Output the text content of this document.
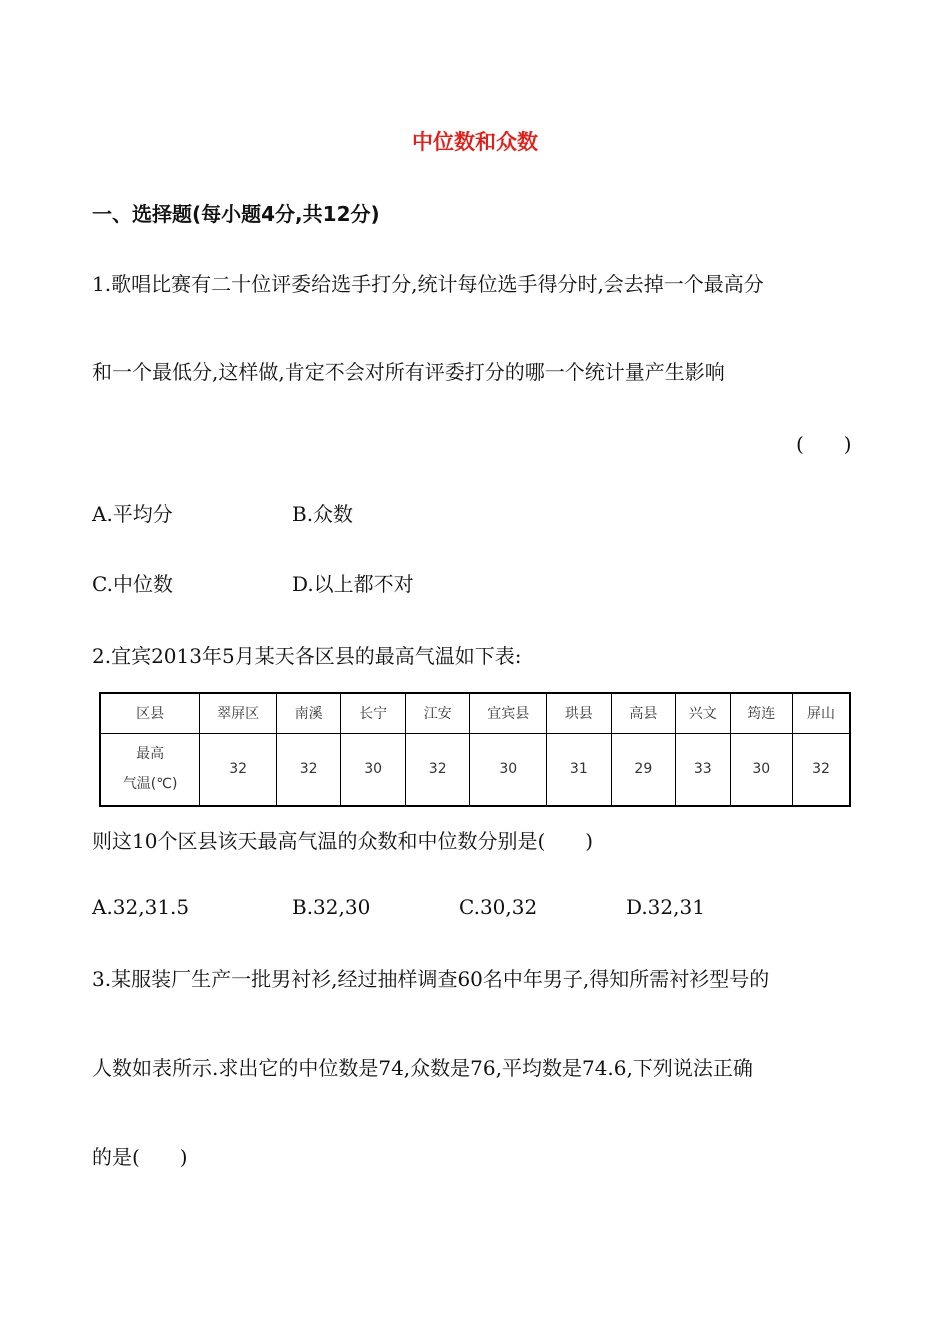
中位数和众数
一、选择题(每小题4分,共12分)
1.歌唱比赛有二十位评委给选手打分,统计每位选手得分时,会去掉一个最高分
和一个最低分,这样做,肯定不会对所有评委打分的哪一个统计量产生影响
(　　)
A.平均分	B.众数
C.中位数	D.以上都不对
2.宜宾2013年5月某天各区县的最高气温如下表:
区县	翠屏区	南溪	长宁	江安	宜宾县	珙县	高县	兴文	筠连	屏山

最高
气温(℃)	32	32	30	32	30	31	29	33	30	32
则这10个区县该天最高气温的众数和中位数分别是(　　)
A.32,31.5	B.32,30	C.30,32	D.32,31
3.某服装厂生产一批男衬衫,经过抽样调查60名中年男子,得知所需衬衫型号的
人数如表所示.求出它的中位数是74,众数是76,平均数是74.6,下列说法正确
的是(　　)
